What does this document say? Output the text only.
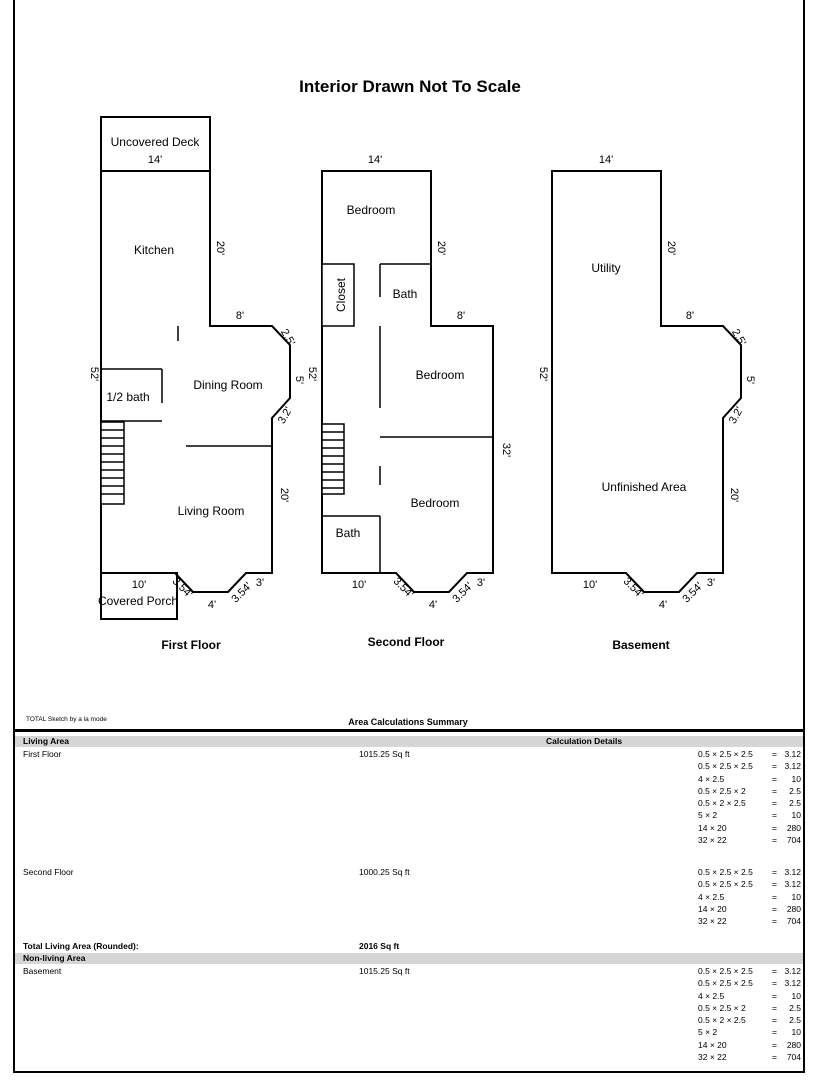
Interior Drawn Not To Scale
Uncovered Deck
Kitchen
Dining Room
1/2 bath
Living Room
Covered Porch
14'
20'
8'
2.5'
5'
3.2'
52'
20'
10' 3.54'
4' 3.54' 3'
First Floor
Bedroom
Closet	Bath
Bedroom
Bedroom
Bath
14'
20'
8'
52'
32'
10' 3.54'
4' 3.54' 3'
Second Floor
Utility
Unfinished Area
14'
20'
8'
2.5'
5'
3.2'
52'
20'
10' 3.54'
4' 3.54' 3'
Basement
TOTAL Sketch by a la mode	Area Calculations Summary
Living Area	Calculation Details
First Floor	1015.25 Sq ft	0.5 × 2.5 × 2.5 = 3.12
0.5 × 2.5 × 2.5 = 3.12
4 × 2.5	= 10
0.5 × 2.5 × 2	= 2.5
0.5 × 2 × 2.5	= 2.5
5 × 2	= 10
14 × 20	= 280
32 × 22	= 704
Second Floor	1000.25 Sq ft	0.5 × 2.5 × 2.5 = 3.12
0.5 × 2.5 × 2.5 = 3.12
4 × 2.5	= 10
14 × 20	= 280
32 × 22	= 704
Total Living Area (Rounded):	2016 Sq ft
Non-living Area
Basement	1015.25 Sq ft	0.5 × 2.5 × 2.5 = 3.12
0.5 × 2.5 × 2.5 = 3.12
4 × 2.5	= 10
0.5 × 2.5 × 2	= 2.5
0.5 × 2 × 2.5	= 2.5
5 × 2	= 10
14 × 20	= 280
32 × 22	= 704
